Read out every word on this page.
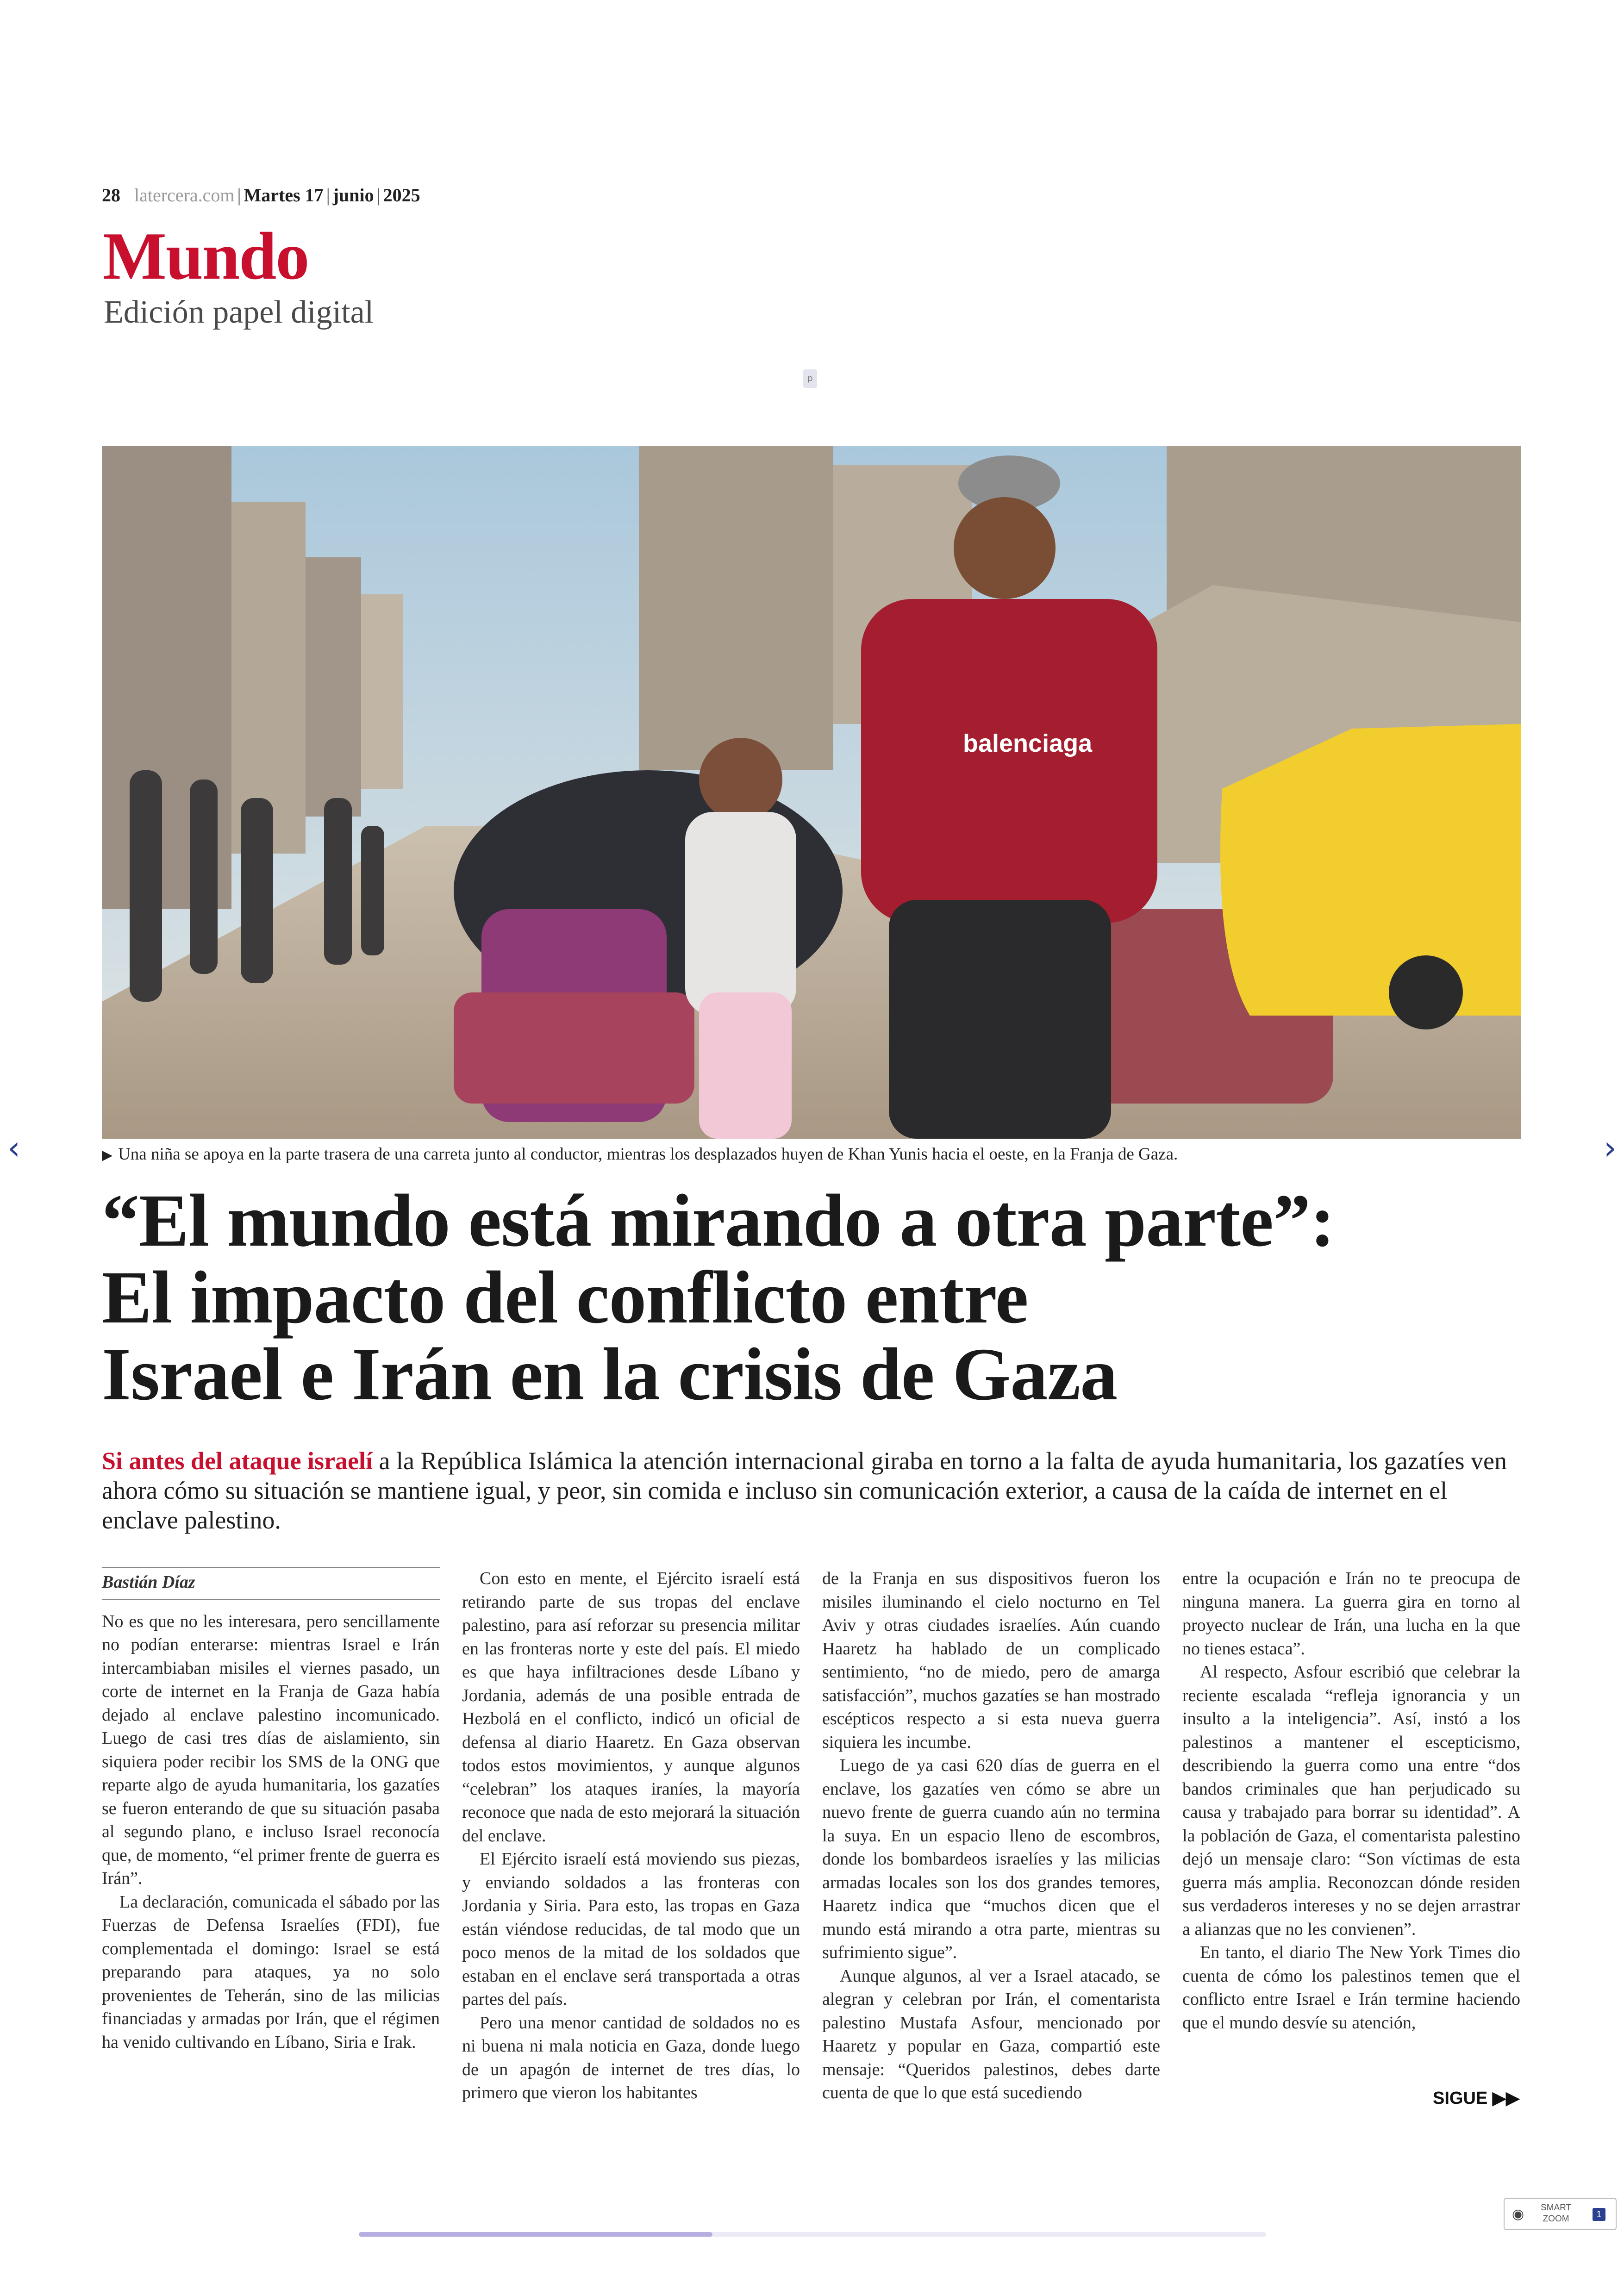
28 latercera.com | Martes 17 | junio | 2025
Mundo
Edición papel digital
p
balenciaga
▶ Una niña se apoya en la parte trasera de una carreta junto al conductor, mientras los desplazados huyen de Khan Yunis hacia el oeste, en la Franja de Gaza.
“El mundo está mirando a otra parte”:
El impacto del conflicto entre
Israel e Irán en la crisis de Gaza
Si antes del ataque israelí a la República Islámica la atención internacional giraba en torno a la falta de ayuda humanitaria, los gazatíes ven ahora cómo su situación se mantiene igual, y peor, sin comida e incluso sin comunicación exterior, a causa de la caída de internet en el enclave palestino.
Bastián Díaz

No es que no les interesara, pero sencillamente no podían enterarse: mientras Israel e Irán intercambiaban misiles el viernes pasado, un corte de internet en la Franja de Gaza había dejado al enclave palestino incomunicado. Luego de casi tres días de aislamiento, sin siquiera poder recibir los SMS de la ONG que reparte algo de ayuda humanitaria, los gazatíes se fueron enterando de que su situación pasaba al segundo plano, e incluso Israel reconocía que, de momento, “el primer frente de guerra es Irán”.

La declaración, comunicada el sábado por las Fuerzas de Defensa Israelíes (FDI), fue complementada el domingo: Israel se está preparando para ataques, ya no solo provenientes de Teherán, sino de las milicias financiadas y armadas por Irán, que el régimen ha venido cultivando en Líbano, Siria e Irak.

Con esto en mente, el Ejército israelí está retirando parte de sus tropas del enclave palestino, para así reforzar su presencia militar en las fronteras norte y este del país. El miedo es que haya infiltraciones desde Líbano y Jordania, además de una posible entrada de Hezbolá en el conflicto, indicó un oficial de defensa al diario Haaretz. En Gaza observan todos estos movimientos, y aunque algunos “celebran” los ataques iraníes, la mayoría reconoce que nada de esto mejorará la situación del enclave.

El Ejército israelí está moviendo sus piezas, y enviando soldados a las fronteras con Jordania y Siria. Para esto, las tropas en Gaza están viéndose reducidas, de tal modo que un poco menos de la mitad de los soldados que estaban en el enclave será transportada a otras partes del país.

Pero una menor cantidad de soldados no es ni buena ni mala noticia en Gaza, donde luego de un apagón de internet de tres días, lo primero que vieron los habitantes

de la Franja en sus dispositivos fueron los misiles iluminando el cielo nocturno en Tel Aviv y otras ciudades israelíes. Aún cuando Haaretz ha hablado de un complicado sentimiento, “no de miedo, pero de amarga satisfacción”, muchos gazatíes se han mostrado escépticos respecto a si esta nueva guerra siquiera les incumbe.

Luego de ya casi 620 días de guerra en el enclave, los gazatíes ven cómo se abre un nuevo frente de guerra cuando aún no termina la suya. En un espacio lleno de escombros, donde los bombardeos israelíes y las milicias armadas locales son los dos grandes temores, Haaretz indica que “muchos dicen que el mundo está mirando a otra parte, mientras su sufrimiento sigue”.

Aunque algunos, al ver a Israel atacado, se alegran y celebran por Irán, el comentarista palestino Mustafa Asfour, mencionado por Haaretz y popular en Gaza, compartió este mensaje: “Queridos palestinos, debes darte cuenta de que lo que está sucediendo

entre la ocupación e Irán no te preocupa de ninguna manera. La guerra gira en torno al proyecto nuclear de Irán, una lucha en la que no tienes estaca”.

Al respecto, Asfour escribió que celebrar la reciente escalada “refleja ignorancia y un insulto a la inteligencia”. Así, instó a los palestinos a mantener el escepticismo, describiendo la guerra como una entre “dos bandos criminales que han perjudicado su causa y trabajado para borrar su identidad”. A la población de Gaza, el comentarista palestino dejó un mensaje claro: “Son víctimas de esta guerra más amplia. Reconozcan dónde residen sus verdaderos intereses y no se dejen arrastrar a alianzas que no les convienen”.

En tanto, el diario The New York Times dio cuenta de cómo los palestinos temen que el conflicto entre Israel e Irán termine haciendo que el mundo desvíe su atención,

SIGUE ▶▶
‹	›
◉ SMART
ZOOM	1
